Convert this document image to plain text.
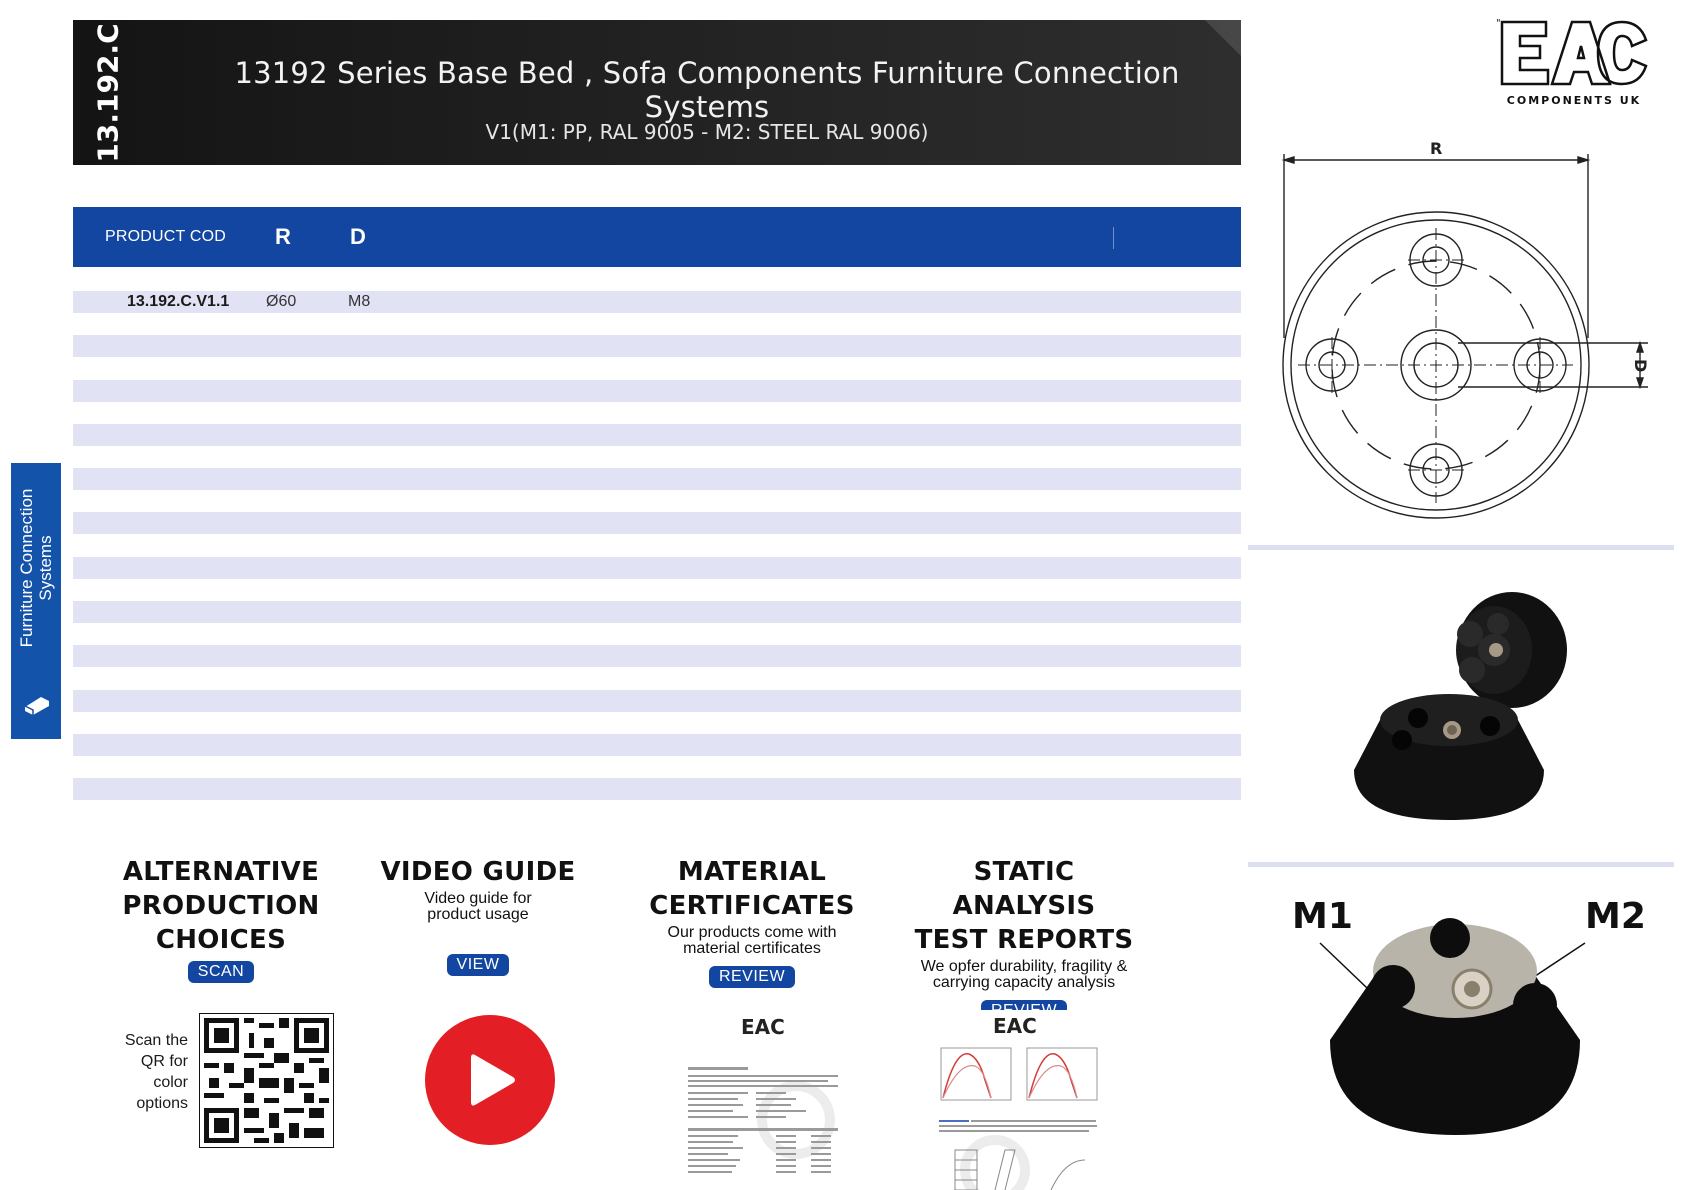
13.192.C	13192 Series Base Bed , Sofa Components Furniture Connection Systems
V1(M1: PP, RAL 9005 - M2: STEEL RAL 9006)
"
COMPONENTS UK
PRODUCT COD R	D
13.192.C.V1.1 Ø60	M8
Furniture Connection Systems
R
D
M1	M2
ALTERNATIVE
PRODUCTION
CHOICES
SCAN
Scan the QR for color options
VIDEO GUIDE
Video guide for product usage
VIEW
MATERIAL
CERTIFICATES
Our products come with material certificates
REVIEW
EAC
STATIC ANALYSIS
TEST REPORTS
We opfer durability, fragility & carrying capacity analysis
EAC
